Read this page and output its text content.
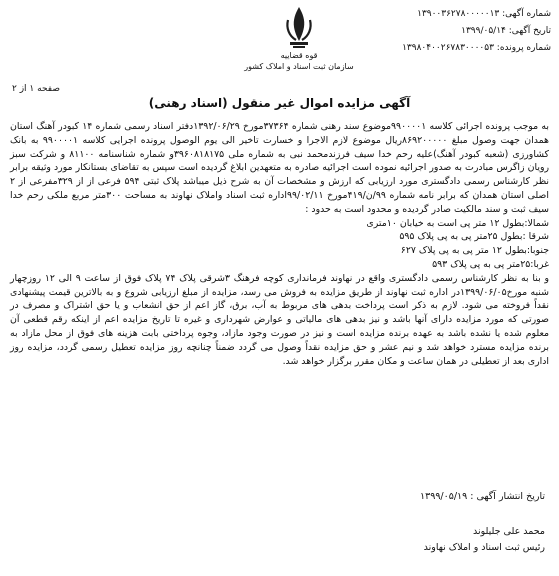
شماره آگهی: ۱۳۹۰۰۳۶۲۷۸۰۰۰۰۰۱۳
تاریخ آگهی: ۱۳۹۹/۰۵/۱۴
شماره پرونده: ۱۳۹۸۰۴۰۰۲۶۷۸۳۰۰۰۰۵۳
قوه قضاییه
سازمان ثبت اسناد و املاک کشور
صفحه ۱ از ۲
آگهی مزایده اموال غیر منقول (اسناد رهنی)

به موجب پرونده اجرائی کلاسه ۹۹۰۰۰۰۱موضوع سند رهنی شماره ۳۷۳۶۴مورخ ۱۳۹۲/۰۶/۲۹دفتر اسناد رسمی شماره ۱۴ کبودر آهنگ استان همدان جهت وصول مبلغ ۸۶۹۲۰۰۰۰۰ریال موضوع لازم الاجرا و خسارت تاخیر الی یوم الوصول پرونده اجرایی کلاسه ۹۹۰۰۰۰۱ به بانک کشاورزی (شعبه کبودر آهنگ)علیه رحم خدا سیف فرزندمحمد نبی به شماره ملی ۳۹۶۰۸۱۸۱۷۵و شماره شناسنامه ۸۱۱۰۰ و شرکت سبز رویان زاگرس مبادرت به صدور اجرائیه نموده است اجرائیه صادره به متعهدین ابلاغ گردیده است سپس به تقاضای بستانکار مورد وثیقه برابر نظر کارشناس رسمی دادگستری مورد ارزیابی که ارزش و مشخصات آن به شرح ذیل میباشد پلاک ثبتی ۵۹۴ فرعی از از ۳۲۹مفرعی از ۲ اصلی استان همدان که برابر نامه شماره ۹۹/ن/۴۱۹مورخ ۹۹/۰۲/۱۱اداره ثبت اسناد واملاک نهاوند به مساحت ۳۰۰متر مربع ملکی رحم خدا سیف ثبت و سند مالکیت صادر گردیده و محدود است به حدود :

شمالا:بطول ۱۲ متر پی است به خیابان ۱۰متری

شرقا :بطول ۲۵متر پی به پی پلاک ۵۹۵

جنوبا:بطول ۱۲ متر پی به پی پلاک ۶۲۷

غربا:۲۵متر پی به پی پلاک ۵۹۳

و بنا به نظر کارشناس رسمی دادگستری واقع در نهاوند فرمانداری کوچه فرهنگ ۳شرقی پلاک ۷۴ پلاک فوق از ساعت ۹ الی ۱۲ روزچهار شنبه مورخ۱۳۹۹/۰۶/۰۵در اداره ثبت نهاوند از طریق مزایده به فروش می رسد، مزایده از مبلغ ارزیابی شروع و به بالاترین قیمت پیشنهادی نقداً فروخته می شود. لازم به ذکر است پرداخت بدهی های مربوط به آب، برق، گاز اعم از حق انشعاب و یا حق اشتراک و مصرف در صورتی که مورد مزایده دارای آنها باشد و نیز بدهی های مالیاتی و عوارض شهرداری و غیره تا تاریخ مزایده اعم از اینکه رقم قطعی آن معلوم شده یا نشده باشد به عهده برنده مزایده است و نیز در صورت وجود مازاد، وجوه پرداختی بابت هزینه های فوق از محل مازاد به برنده مزایده مسترد خواهد شد و نیم عشر و حق مزایده نقداً وصول می گردد ضمناً چنانچه روز مزایده تعطیل رسمی گردد، مزایده روز اداری بعد از تعطیلی در همان ساعت و مکان مقرر برگزار خواهد شد.

تاریخ انتشار آگهی : ۱۳۹۹/۰۵/۱۹
محمد علی جلیلوند
رئیس ثبت اسناد و املاک نهاوند
